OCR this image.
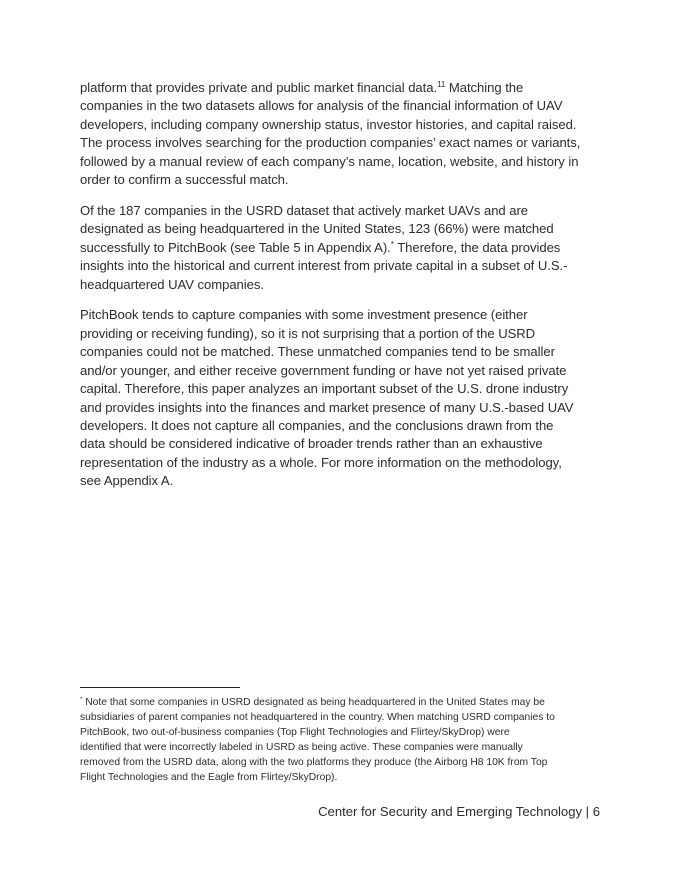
platform that provides private and public market financial data.$^{11}$ Matching the
companies in the two datasets allows for analysis of the financial information of UAV
developers, including company ownership status, investor histories, and capital raised.
The process involves searching for the production companies’ exact names or variants,
followed by a manual review of each company’s name, location, website, and history in
order to confirm a successful match.

Of the 187 companies in the USRD dataset that actively market UAVs and are
designated as being headquartered in the United States, 123 (66%) were matched
successfully to PitchBook (see Table 5 in Appendix A).* Therefore, the data provides
insights into the historical and current interest from private capital in a subset of U.S.-
headquartered UAV companies.

PitchBook tends to capture companies with some investment presence (either
providing or receiving funding), so it is not surprising that a portion of the USRD
companies could not be matched. These unmatched companies tend to be smaller
and/or younger, and either receive government funding or have not yet raised private
capital. Therefore, this paper analyzes an important subset of the U.S. drone industry
and provides insights into the finances and market presence of many U.S.-based UAV
developers. It does not capture all companies, and the conclusions drawn from the
data should be considered indicative of broader trends rather than an exhaustive
representation of the industry as a whole. For more information on the methodology,
see Appendix A.

* Note that some companies in USRD designated as being headquartered in the United States may be
subsidiaries of parent companies not headquartered in the country. When matching USRD companies to
PitchBook, two out-of-business companies (Top Flight Technologies and Flirtey/SkyDrop) were
identified that were incorrectly labeled in USRD as being active. These companies were manually
removed from the USRD data, along with the two platforms they produce (the Airborg H8 10K from Top
Flight Technologies and the Eagle from Flirtey/SkyDrop).
Center for Security and Emerging Technology | 6
